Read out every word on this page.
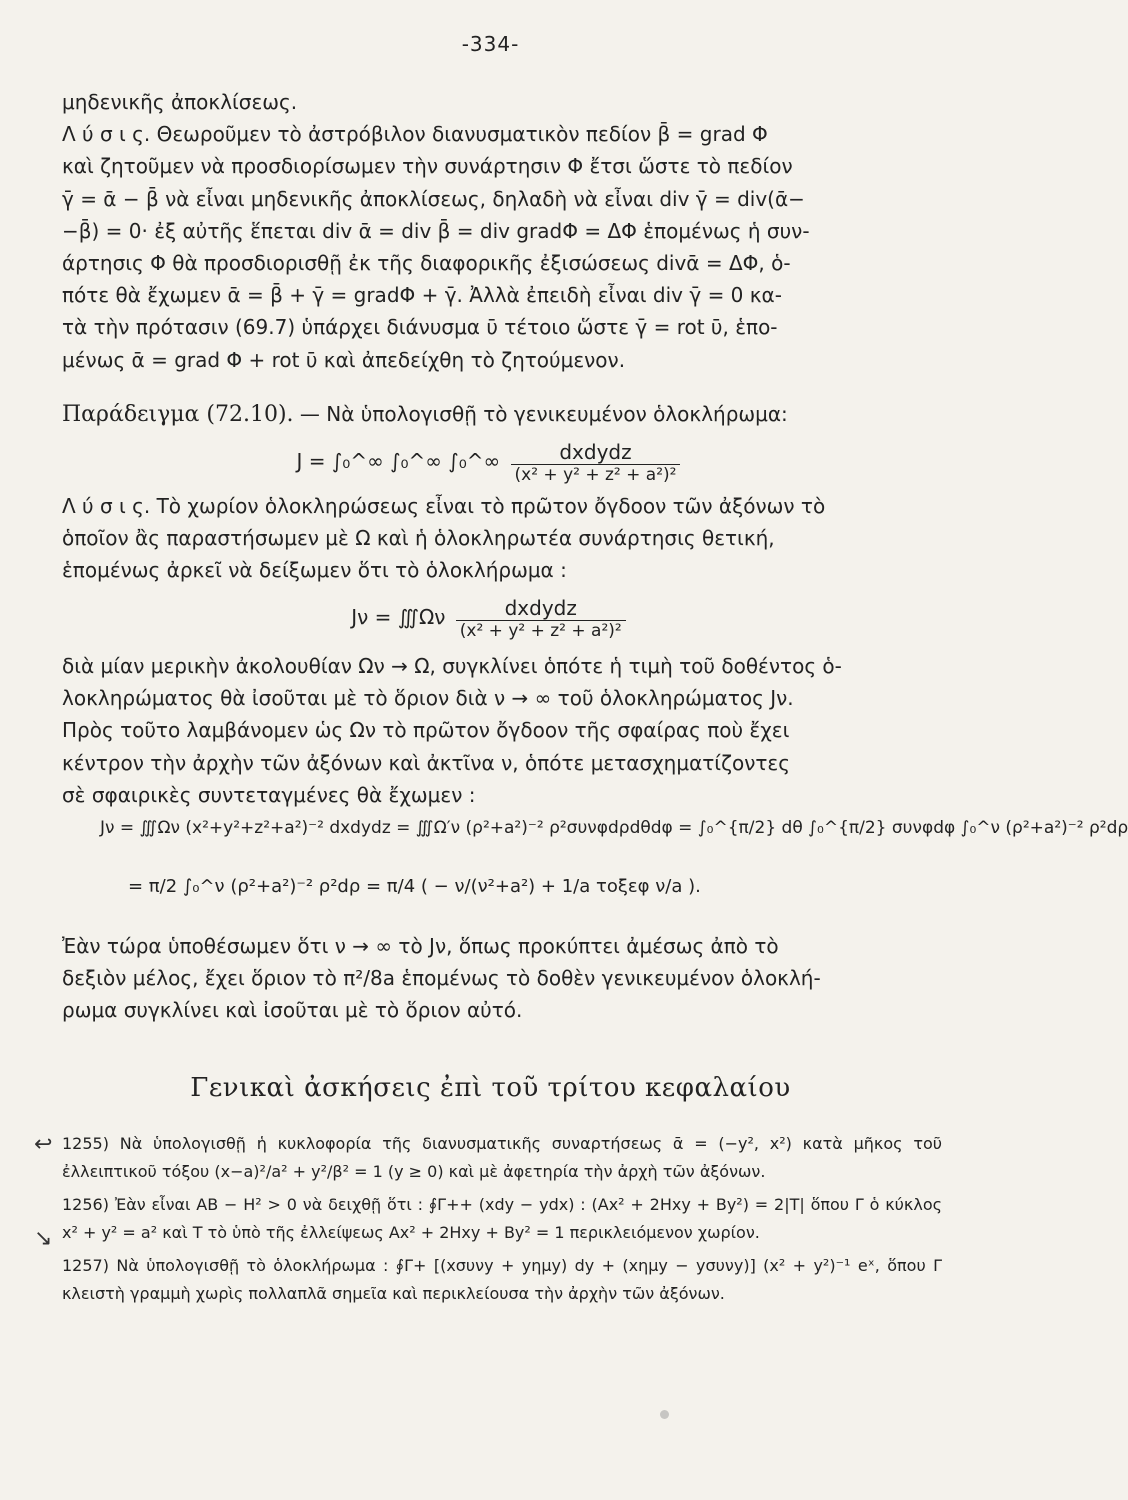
-334-

μηδενικῆς ἀποκλίσεως.

Λ ύ σ ι ς. Θεωροῦμεν τὸ ἀστρόβιλον διανυσματικὸν πεδίον β̄ = grad Φ

καὶ ζητοῦμεν νὰ προσδιορίσωμεν τὴν συνάρτησιν Φ ἔτσι ὥστε τὸ πεδίον

γ̄ = ᾱ − β̄ νὰ εἶναι μηδενικῆς ἀποκλίσεως, δηλαδὴ νὰ εἶναι div γ̄ = div(ᾱ−

−β̄) = 0· ἐξ αὐτῆς ἕπεται div ᾱ = div β̄ = div gradΦ = ΔΦ ἑπομένως ἡ συν-

άρτησις Φ θὰ προσδιορισθῇ ἐκ τῆς διαφορικῆς ἐξισώσεως divᾱ = ΔΦ, ὁ-

πότε θὰ ἔχωμεν ᾱ = β̄ + γ̄ = gradΦ + γ̄. Ἀλλὰ ἐπειδὴ εἶναι div γ̄ = 0 κα-

τὰ τὴν πρότασιν (69.7) ὑπάρχει διάνυσμα ῡ τέτοιο ὥστε γ̄ = rot ῡ, ἑπο-

μένως ᾱ = grad Φ + rot ῡ καὶ ἀπεδείχθη τὸ ζητούμενον.

Παράδειγμα (72.10). — Νὰ ὑπολογισθῇ τὸ γενικευμένον ὁλοκλήρωμα:

J = ∫₀^∞ ∫₀^∞ ∫₀^∞ $\frac{\text{dxdydz}}{\text{(x² + y² + z² + a²)²}}$

Λ ύ σ ι ς. Τὸ χωρίον ὁλοκληρώσεως εἶναι τὸ πρῶτον ὄγδοον τῶν ἀξόνων τὸ

ὁποῖον ἂς παραστήσωμεν μὲ Ω καὶ ἡ ὁλοκληρωτέα συνάρτησις θετική,

ἑπομένως ἀρκεῖ νὰ δείξωμεν ὅτι τὸ ὁλοκλήρωμα :

Jν = ∭Ων $\frac{\text{dxdydz}}{\text{(x² + y² + z² + a²)²}}$

διὰ μίαν μερικὴν ἀκολουθίαν Ων → Ω, συγκλίνει ὁπότε ἡ τιμὴ τοῦ δοθέντος ὁ-

λοκληρώματος θὰ ἰσοῦται μὲ τὸ ὅριον διὰ ν → ∞ τοῦ ὁλοκληρώματος Jν.

Πρὸς τοῦτο λαμβάνομεν ὡς Ων τὸ πρῶτον ὄγδοον τῆς σφαίρας ποὺ ἔχει

κέντρον τὴν ἀρχὴν τῶν ἀξόνων καὶ ἀκτῖνα ν, ὁπότε μετασχηματίζοντες

σὲ σφαιρικὲς συντεταγμένες θὰ ἔχωμεν :

Jν = ∭Ων (x²+y²+z²+a²)⁻² dxdydz = ∭Ω′ν (ρ²+a²)⁻² ρ²συνφdρdθdφ = ∫₀^{π/2} dθ ∫₀^{π/2} συνφdφ ∫₀^ν (ρ²+a²)⁻² ρ²dρ
= π/2 ∫₀^ν (ρ²+a²)⁻² ρ²dρ = π/4 ( − ν/(ν²+a²) + 1/a τοξεφ ν/a ).

Ἐὰν τώρα ὑποθέσωμεν ὅτι ν → ∞ τὸ Jν, ὅπως προκύπτει ἀμέσως ἀπὸ τὸ

δεξιὸν μέλος, ἔχει ὅριον τὸ π²/8a ἑπομένως τὸ δοθὲν γενικευμένον ὁλοκλή-

ρωμα συγκλίνει καὶ ἰσοῦται μὲ τὸ ὅριον αὐτό.

Γενικαὶ ἀσκήσεις ἐπὶ τοῦ τρίτου κεφαλαίου
↩
↘

1255) Νὰ ὑπολογισθῇ ἡ κυκλοφορία τῆς διανυσματικῆς συναρτήσεως ᾱ = (−y², x²) κατὰ μῆκος τοῦ ἐλλειπτικοῦ τόξου (x−a)²/a² + y²/β² = 1 (y ≥ 0) καὶ μὲ ἀφετηρία τὴν ἀρχὴ τῶν ἀξόνων.

1256) Ἐὰν εἶναι AB − H² > 0 νὰ δειχθῇ ὅτι : ∮Γ++ (xdy − ydx) : (Ax² + 2Hxy + By²) = 2|Τ| ὅπου Γ ὁ κύκλος x² + y² = a² καὶ Τ τὸ ὑπὸ τῆς ἐλλείψεως Ax² + 2Hxy + By² = 1 περικλειόμενον χωρίον.

1257) Νὰ ὑπολογισθῇ τὸ ὁλοκλήρωμα : ∮Γ+ [(xσυνy + yημy) dy + (xημy − yσυνy)] (x² + y²)⁻¹ eˣ, ὅπου Γ κλειστὴ γραμμὴ χωρὶς πολλαπλᾶ σημεῖα καὶ περικλείουσα τὴν ἀρχὴν τῶν ἀξόνων.
